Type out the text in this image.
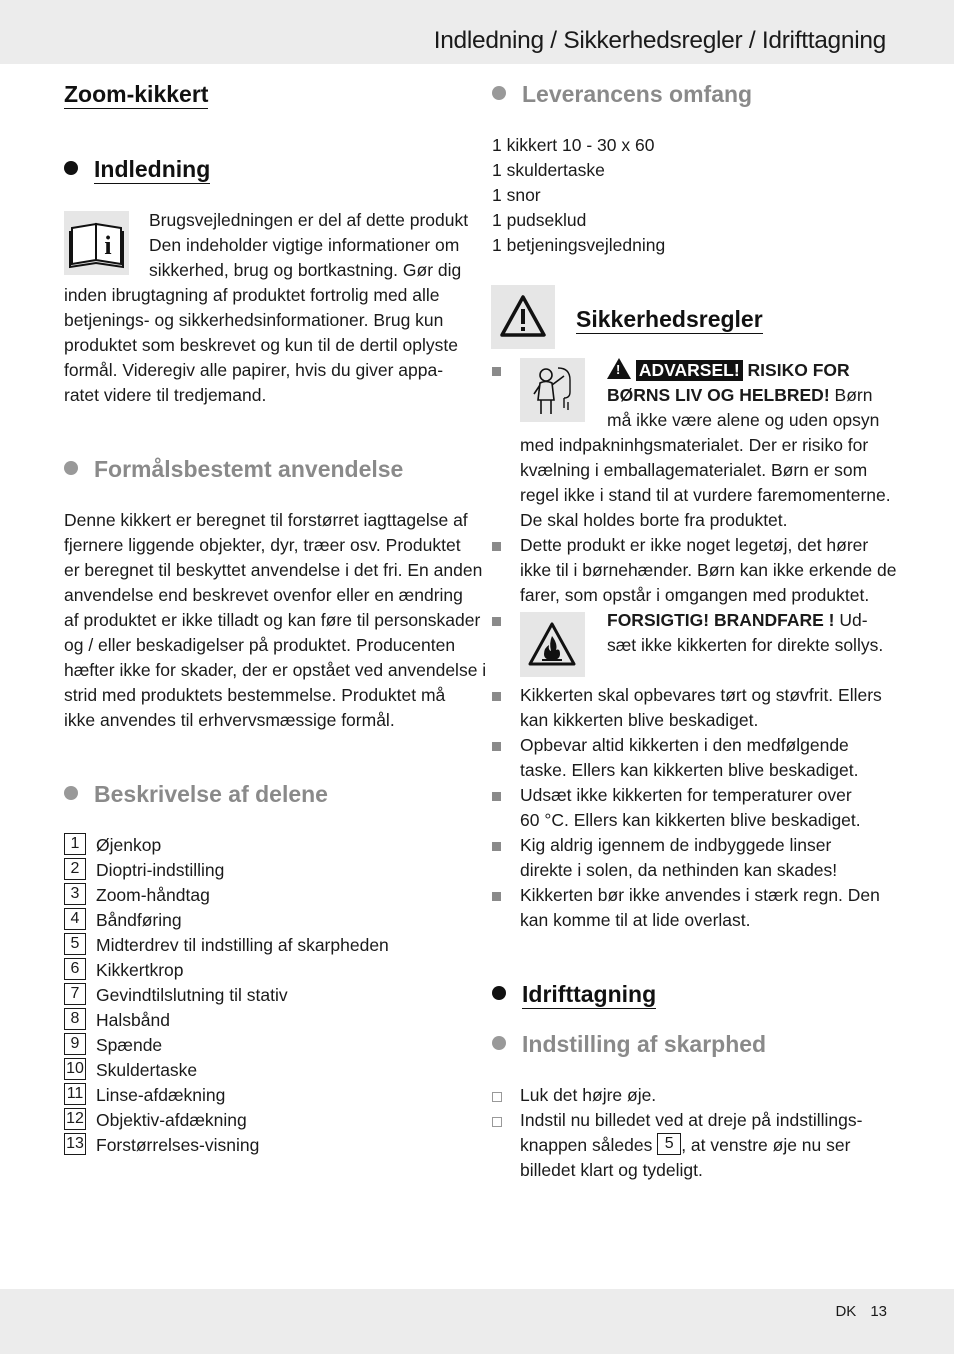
Indledning / Sikkerhedsregler / Idrifttagning
DK 13
Zoom-kikkert
Indledning
i
Brugsvejledningen er del af dette produkt
Den indeholder vigtige informationer om
sikkerhed, brug og bortkastning. Gør dig
inden ibrugtagning af produktet fortrolig med alle
betjenings- og sikkerhedsinformationer. Brug kun
produktet som beskrevet og kun til de dertil oplyste
formål. Videregiv alle papirer, hvis du giver appa-
ratet videre til tredjemand.
Formålsbestemt anvendelse
Denne kikkert er beregnet til forstørret iagttagelse af
fjernere liggende objekter, dyr, træer osv. Produktet
er beregnet til beskyttet anvendelse i det fri. En anden
anvendelse end beskrevet ovenfor eller en ændring
af produktet er ikke tilladt og kan føre til personskader
og / eller beskadigelser på produktet. Producenten
hæfter ikke for skader, der er opstået ved anvendelse i
strid med produktets bestemmelse. Produktet må
ikke anvendes til erhvervsmæssige formål.
Beskrivelse af delene
1 Øjenkop
2 Dioptri-indstilling
3 Zoom-håndtag
4 Båndføring
5 Midterdrev til indstilling af skarpheden
6 Kikkertkrop
7 Gevindtilslutning til stativ
8 Halsbånd
9 Spænde
10 Skuldertaske
11 Linse-afdækning
12 Objektiv-afdækning
13 Forstørrelses-visning
Leverancens omfang
1 kikkert 10 - 30 x 60
1 skuldertaske
1 snor
1 pudseklud
1 betjeningsvejledning
Sikkerhedsregler
! ADVARSEL! RISIKO FOR
BØRNS LIV OG HELBRED! Børn
må ikke være alene og uden opsyn
med indpakninhgsmaterialet. Der er risiko for
kvælning i emballagematerialet. Børn er som
regel ikke i stand til at vurdere faremomenterne.
De skal holdes borte fra produktet.
Dette produkt er ikke noget legetøj, det hører
ikke til i børnehænder. Børn kan ikke erkende de
farer, som opstår i omgangen med produktet.
FORSIGTIG! BRANDFARE ! Ud-
sæt ikke kikkerten for direkte sollys.
Kikkerten skal opbevares tørt og støvfrit. Ellers
kan kikkerten blive beskadiget.
Opbevar altid kikkerten i den medfølgende
taske. Ellers kan kikkerten blive beskadiget.
Udsæt ikke kikkerten for temperaturer over
60 °C. Ellers kan kikkerten blive beskadiget.
Kig aldrig igennem de indbyggede linser
direkte i solen, da nethinden kan skades!
Kikkerten bør ikke anvendes i stærk regn. Den
kan komme til at lide overlast.
Idrifttagning
Indstilling af skarphed
Luk det højre øje.
Indstil nu billedet ved at dreje på indstillings-
knappen således 5 , at venstre øje nu ser
billedet klart og tydeligt.
